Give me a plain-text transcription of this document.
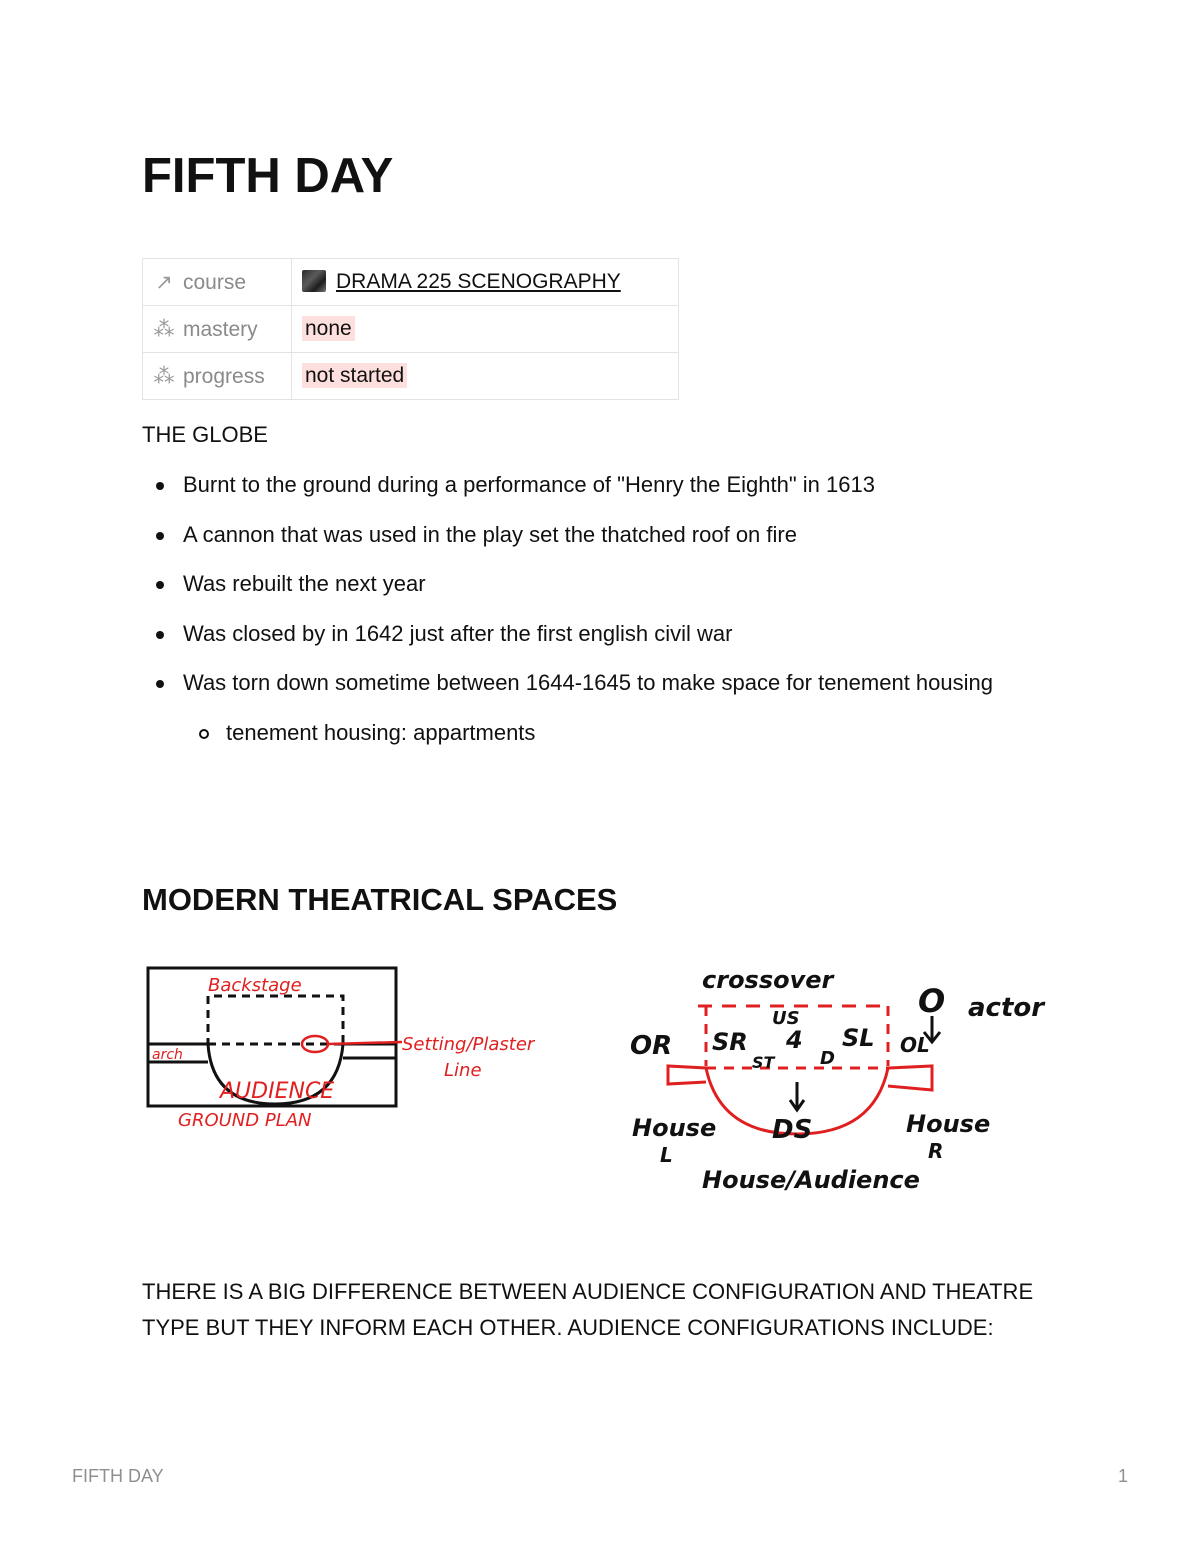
FIFTH DAY
↗ course	DRAMA 225 SCENOGRAPHY
⁂ mastery	none
⁂ progress	not started

THE GLOBE

Burnt to the ground during a performance of "Henry the Eighth" in 1613
A cannon that was used in the play set the thatched roof on fire
Was rebuilt the next year
Was closed by in 1642 just after the first english civil war
Was torn down sometime between 1644-1645 to make space for tenement housing
tenement housing: appartments
MODERN THEATRICAL SPACES
Backstage
arch
AUDIENCE
Setting/Plaster
Line
GROUND PLAN
crossover
OR SR
US
4
ST	D
SL OL
O actor
DS
House
L
House
R
House/Audience

THERE IS A BIG DIFFERENCE BETWEEN AUDIENCE CONFIGURATION AND THEATRE TYPE BUT THEY INFORM EACH OTHER. AUDIENCE CONFIGURATIONS INCLUDE:

FIFTH DAY	1
